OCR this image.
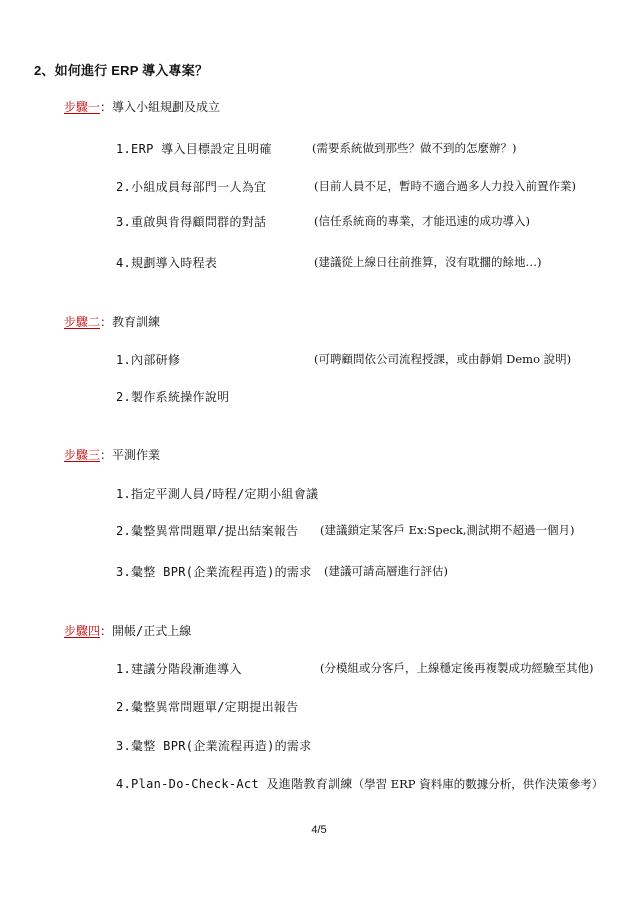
2、如何進行 ERP 導入專案？
步驟一：導入小組規劃及成立
1.ERP 導入目標設定且明確	(需要系統做到那些？做不到的怎麼辦？)
2.小組成員每部門一人為宜	(目前人員不足，暫時不適合過多人力投入前置作業)
3.重啟與肯得顧問群的對話	(信任系統商的專業，才能迅速的成功導入)
4.規劃導入時程表	(建議從上線日往前推算，沒有耽擱的餘地…)
步驟二：教育訓練
1.內部研修	(可聘顧問依公司流程授課，或由靜娟 Demo 說明)
2.製作系統操作說明
步驟三：平測作業
1.指定平測人員/時程/定期小組會議
2.彙整異常問題單/提出結案報告 (建議鎖定某客戶 Ex:Speck,測試期不超過一個月)
3.彙整 BPR(企業流程再造)的需求 (建議可請高層進行評估)
步驟四：開帳/正式上線
1.建議分階段漸進導入	(分模組或分客戶，上線穩定後再複製成功經驗至其他)
2.彙整異常問題單/定期提出報告
3.彙整 BPR(企業流程再造)的需求
4.Plan-Do-Check-Act 及進階教育訓練（學習 ERP 資料庫的數據分析，供作決策參考）
4/5
